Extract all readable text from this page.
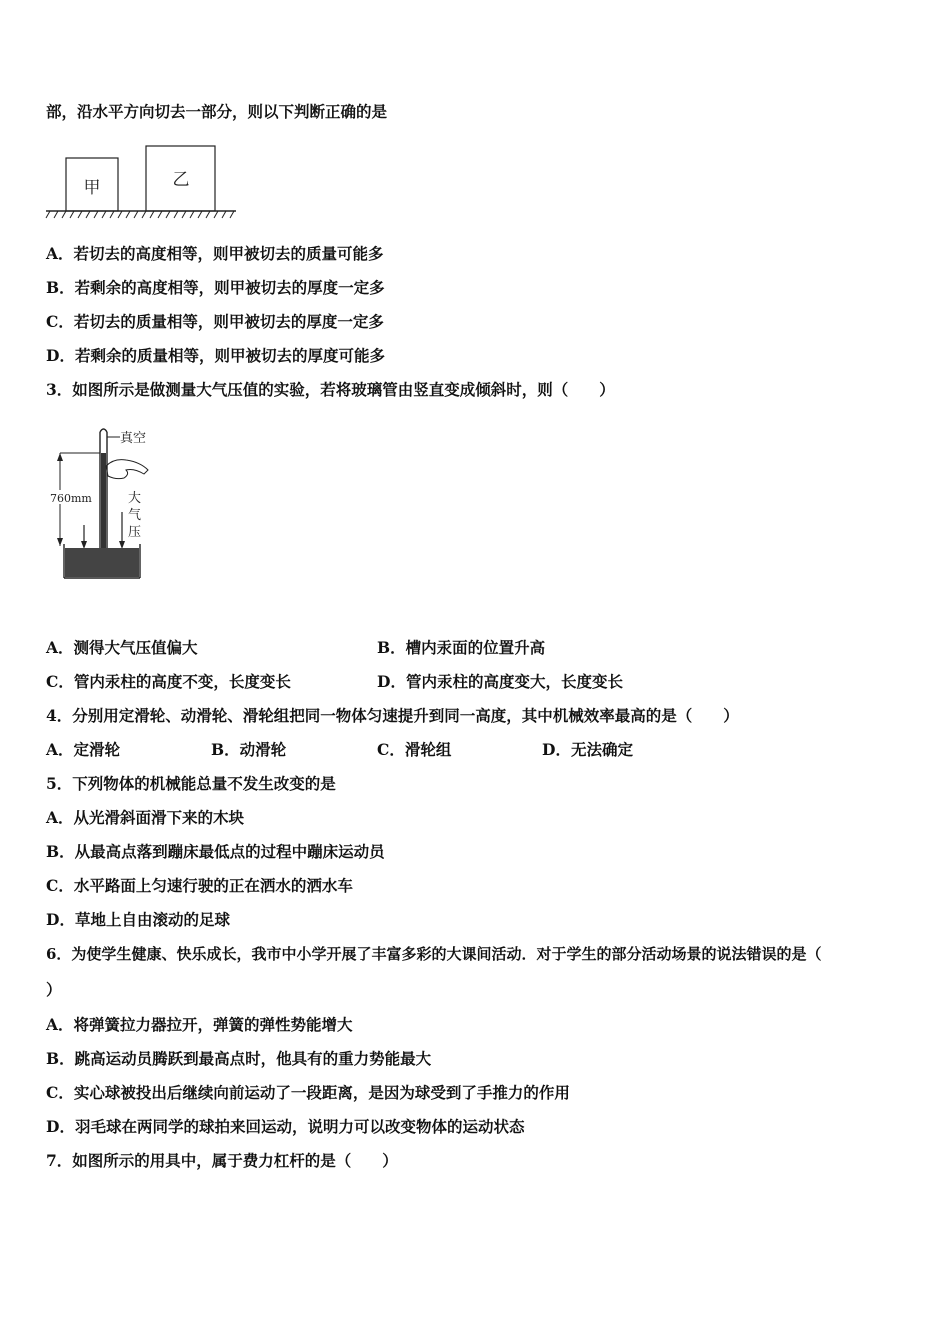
部，沿水平方向切去一部分，则以下判断正确的是
甲	乙
A．若切去的高度相等，则甲被切去的质量可能多
B．若剩余的高度相等，则甲被切去的厚度一定多
C．若切去的质量相等，则甲被切去的厚度一定多
D．若剩余的质量相等，则甲被切去的厚度可能多
3．如图所示是做测量大气压值的实验，若将玻璃管由竖直变成倾斜时，则（　　）
真空
760mm	大
气
压
A．测得大气压值偏大	B．槽内汞面的位置升高
C．管内汞柱的高度不变，长度变长	D．管内汞柱的高度变大，长度变长
4．分别用定滑轮、动滑轮、滑轮组把同一物体匀速提升到同一高度，其中机械效率最高的是（　　）
A．定滑轮	B．动滑轮	C．滑轮组	D．无法确定
5．下列物体的机械能总量不发生改变的是
A．从光滑斜面滑下来的木块
B．从最高点落到蹦床最低点的过程中蹦床运动员
C．水平路面上匀速行驶的正在洒水的洒水车
D．草地上自由滚动的足球
6．为使学生健康、快乐成长，我市中小学开展了丰富多彩的大课间活动．对于学生的部分活动场景的说法错误的是（
）
A．将弹簧拉力器拉开，弹簧的弹性势能增大
B．跳高运动员腾跃到最高点时，他具有的重力势能最大
C．实心球被投出后继续向前运动了一段距离，是因为球受到了手推力的作用
D．羽毛球在两同学的球拍来回运动，说明力可以改变物体的运动状态
7．如图所示的用具中，属于费力杠杆的是（　　）
